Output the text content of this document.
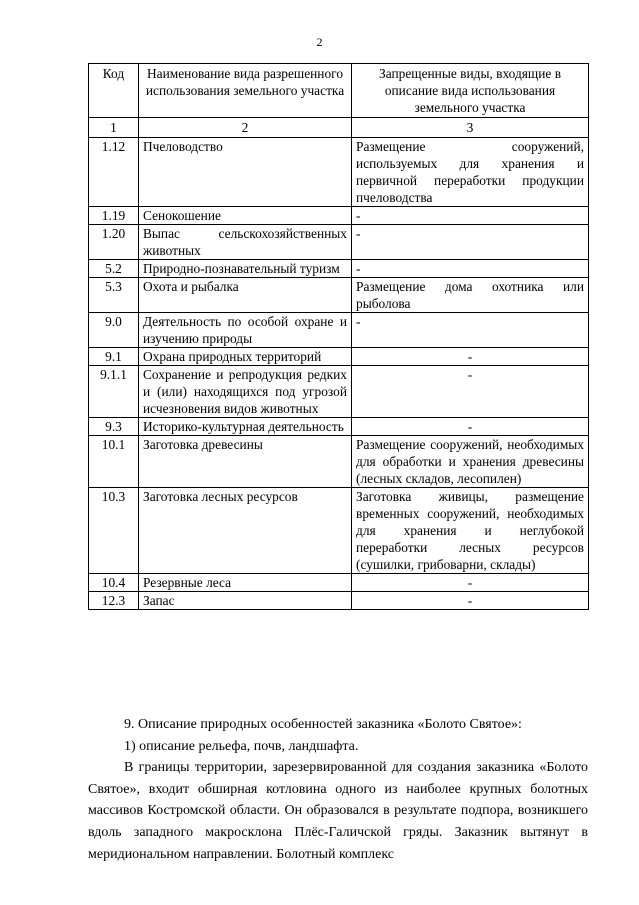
2
Код	Наименование вида разрешенного использования земельного участка	Запрещенные виды, входящие в описание вида использования земельного участка
1	2	3
1.12	Пчеловодство	Размещение сооружений, используемых для хранения и первичной переработки продукции пчеловодства
1.19	Сенокошение	-
1.20	Выпас сельскохозяйственных животных	-
5.2	Природно-познавательный туризм	-
5.3	Охота и рыбалка	Размещение дома охотника или рыболова
9.0	Деятельность по особой охране и изучению природы	-
9.1	Охрана природных территорий	-
9.1.1	Сохранение и репродукция редких и (или) находящихся под угрозой исчезновения видов животных	-
9.3	Историко-культурная деятельность	-
10.1	Заготовка древесины	Размещение сооружений, необходимых для обработки и хранения древесины (лесных складов, лесопилен)
10.3	Заготовка лесных ресурсов	Заготовка живицы, размещение временных сооружений, необходимых для хранения и неглубокой переработки лесных ресурсов (сушилки, грибоварни, склады)
10.4	Резервные леса	-
12.3	Запас	-

9. Описание природных особенностей заказника «Болото Святое»:

1) описание рельефа, почв, ландшафта.

В границы территории, зарезервированной для создания заказника «Болото Святое», входит обширная котловина одного из наиболее крупных болотных массивов Костромской области. Он образовался в результате подпора, возникшего вдоль западного макросклона Плёс-Галичской гряды. Заказник вытянут в меридиональном направлении. Болотный комплекс
